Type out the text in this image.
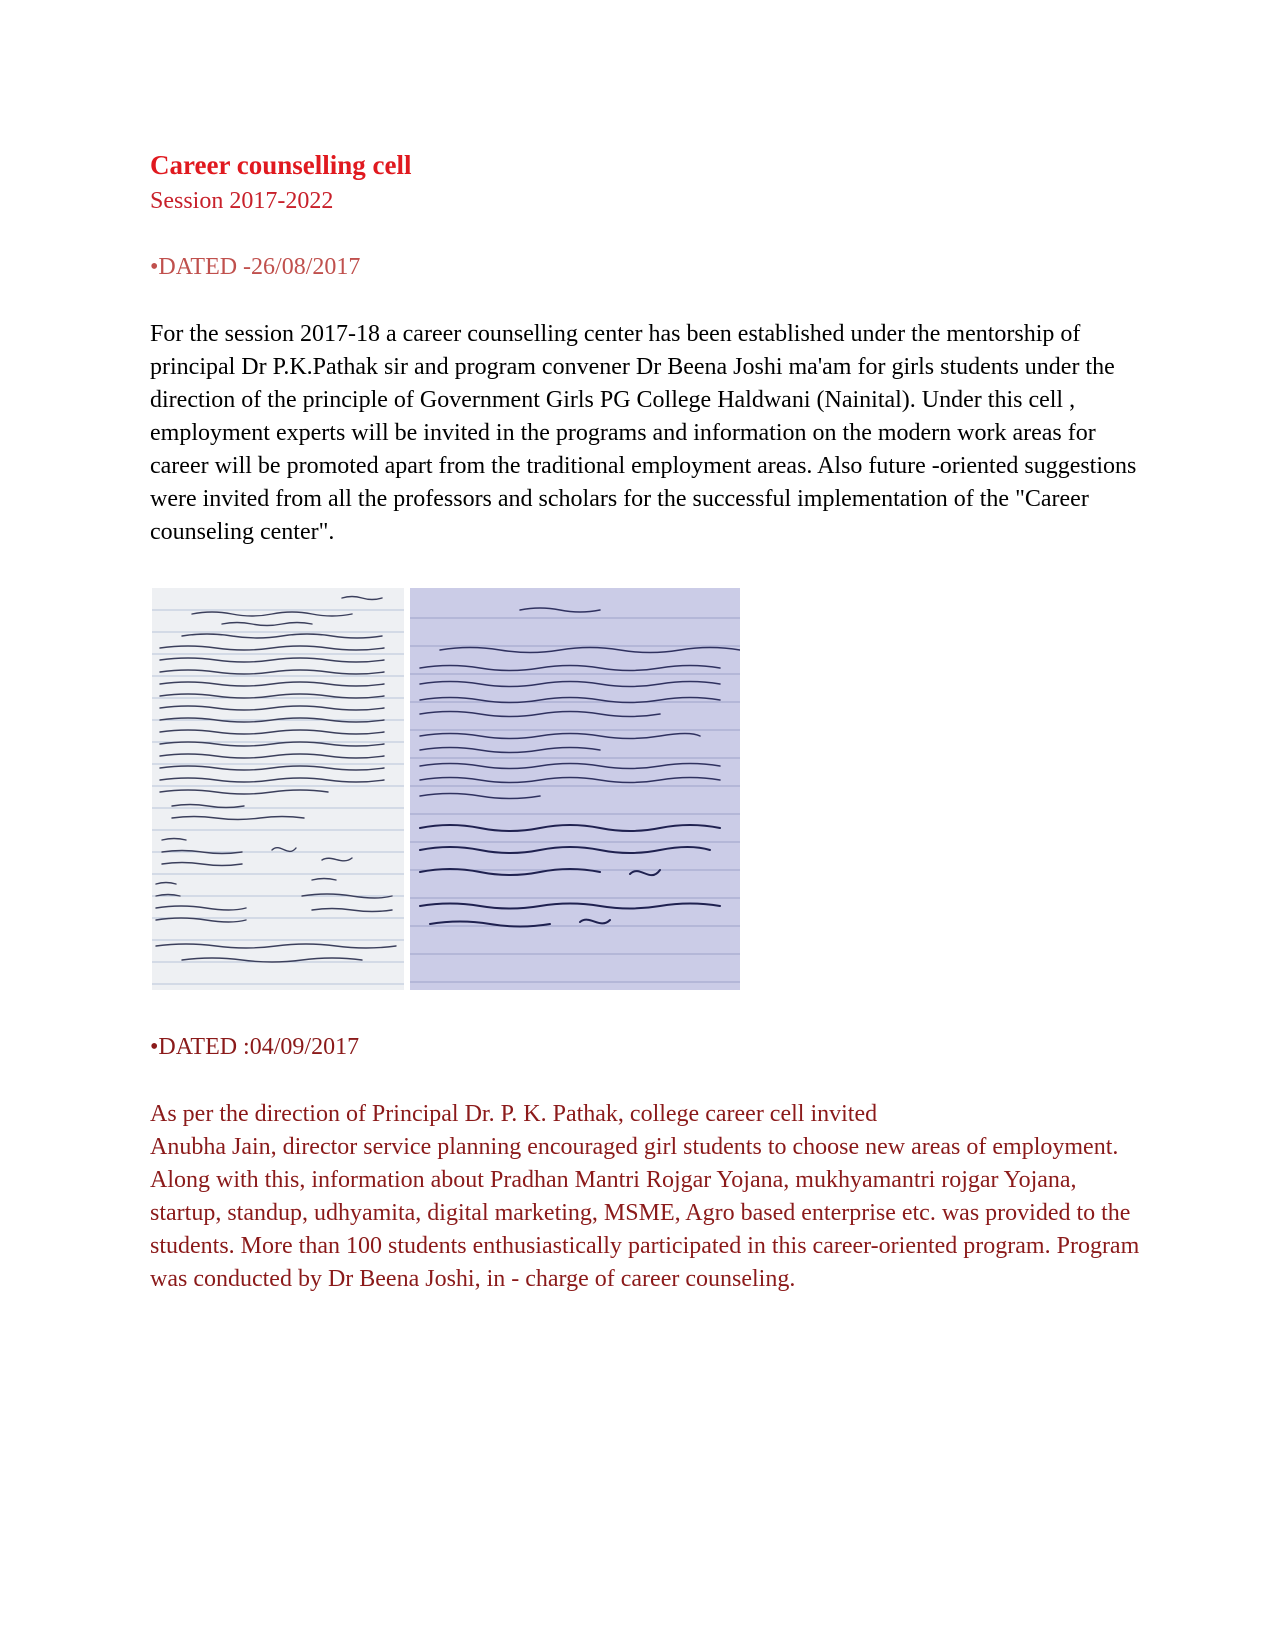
Career counselling cell
Session 2017-2022
•DATED -26/08/2017

For the session 2017-18 a career counselling center has been established under the mentorship of principal Dr P.K.Pathak sir and program convener Dr Beena Joshi ma'am for girls students under the direction of the principle of Government Girls PG College Haldwani (Nainital). Under this cell , employment experts will be invited in the programs and information on the modern work areas for career will be promoted apart from the traditional employment areas. Also future -oriented suggestions were invited from all the professors and scholars for the successful implementation of the "Career counseling center".

•DATED :04/09/2017

As per the direction of Principal Dr. P. K. Pathak, college career cell invited
Anubha Jain, director service planning encouraged girl students to choose new areas of employment. Along with this, information about Pradhan Mantri Rojgar Yojana, mukhyamantri rojgar Yojana, startup, standup, udhyamita, digital marketing, MSME, Agro based enterprise etc. was provided to the students. More than 100 students enthusiastically participated in this career-oriented program. Program was conducted by Dr Beena Joshi, in - charge of career counseling.
